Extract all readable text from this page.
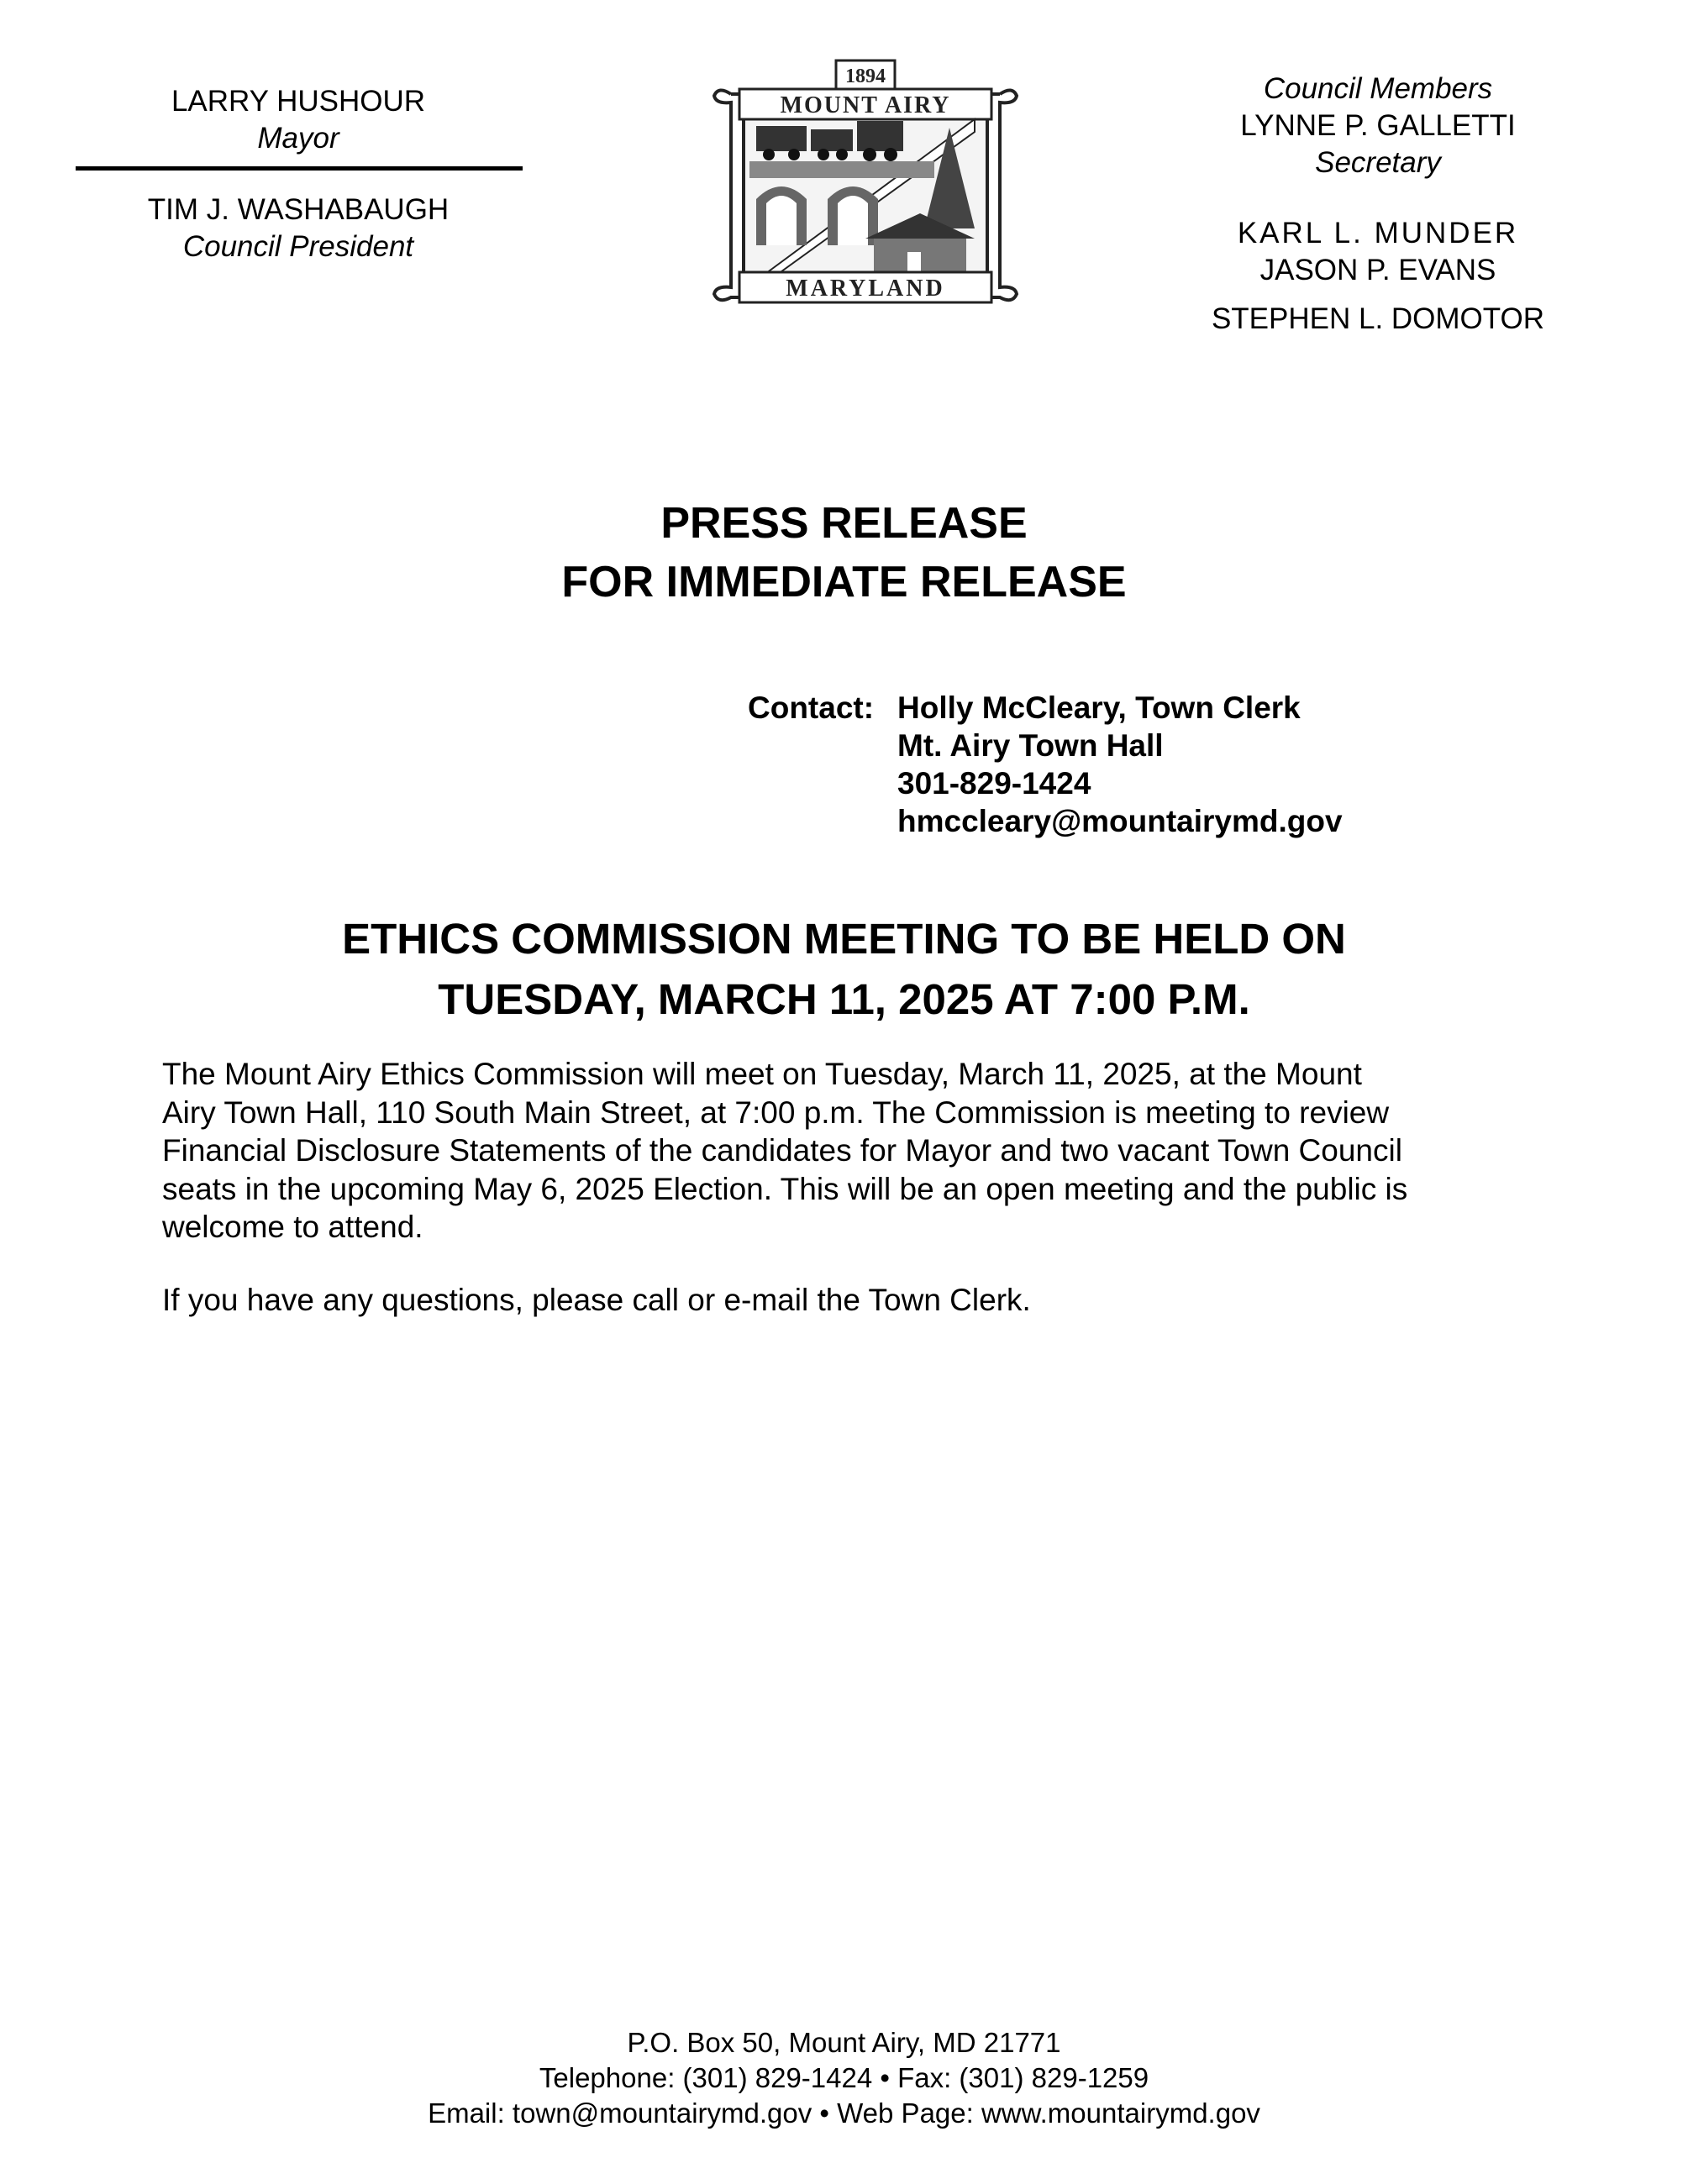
LARRY HUSHOUR
Mayor
TIM J. WASHABAUGH
Council President
1894
MOUNT AIRY
MARYLAND
Council Members
LYNNE P. GALLETTI
Secretary
KARL L. MUNDER
JASON P. EVANS
STEPHEN L. DOMOTOR
PRESS RELEASE
FOR IMMEDIATE RELEASE
Contact: Holly McCleary, Town Clerk
Mt. Airy Town Hall
301-829-1424
hmccleary@mountairymd.gov
ETHICS COMMISSION MEETING TO BE HELD ON
TUESDAY, MARCH 11, 2025 AT 7:00 P.M.
The Mount Airy Ethics Commission will meet on Tuesday, March 11, 2025, at the Mount
Airy Town Hall, 110 South Main Street, at 7:00 p.m. The Commission is meeting to review
Financial Disclosure Statements of the candidates for Mayor and two vacant Town Council
seats in the upcoming May 6, 2025 Election. This will be an open meeting and the public is
welcome to attend.
If you have any questions, please call or e-mail the Town Clerk.
P.O. Box 50, Mount Airy, MD 21771
Telephone: (301) 829-1424 • Fax: (301) 829-1259
Email: town@mountairymd.gov • Web Page: www.mountairymd.gov
